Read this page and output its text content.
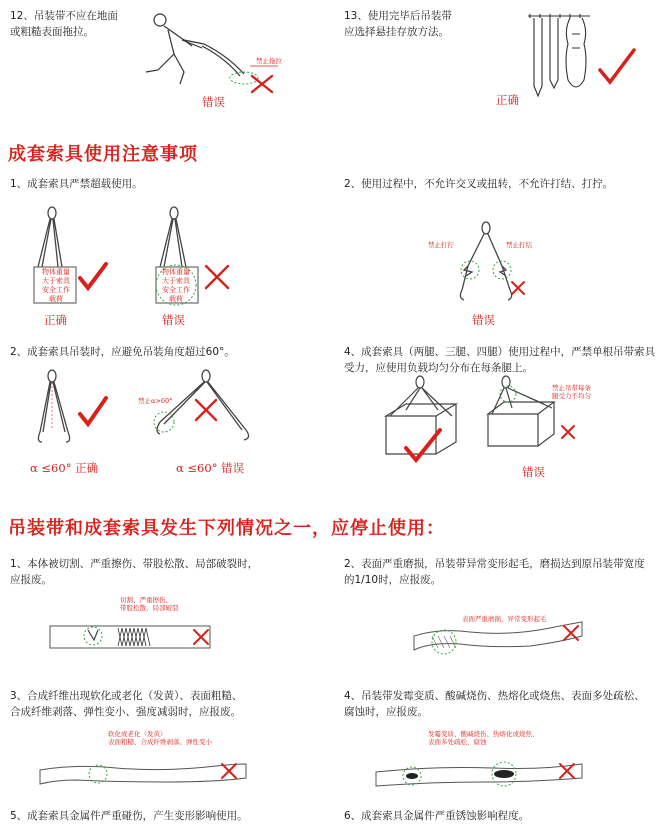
12、吊装带不应在地面
或粗糙表面拖拉。
禁止拖拉
错误
13、使用完毕后吊装带
应选择悬挂存放方法。
正确
成套索具使用注意事项
1、成套索具严禁超载使用。	2、使用过程中，不允许交叉或扭转，不允许打结、打拧。
物体重量
大于索具
安全工作
载荷
正确
物体重量
大于索具
安全工作
载荷
错误
禁止打拧	禁止打结
错误
2、成套索具吊装时，应避免吊装角度超过60°。
α ≤60° 正确
禁止α>60°
α ≤60° 错误
4、成套索具（两腿、三腿、四腿）使用过程中，严禁单根吊带索具
受力，应使用负载均匀分布在每条腿上。
禁止吊带每条
腿受力不均匀
错误
吊装带和成套索具发生下列情况之一，应停止使用：
1、本体被切割、严重擦伤、带股松散、局部破裂时，
应报废。
2、表面严重磨损，吊装带异常变形起毛，磨损达到原吊装带宽度
的1/10时，应报废。
切割、严重擦伤、
带股松散、局部破裂
表面严重磨损、异常变形起毛
3、合成纤维出现软化或老化（发黄）、表面粗糙、
合成纤维剥落、弹性变小、强度减弱时，应报废。
4、吊装带发霉变质、酸碱烧伤、热熔化或烧焦、表面多处疏松、
腐蚀时，应报废。
软化或老化（发黄）
表面粗糙、合成纤维剥落、弹性变小
发霉变质、酸碱烧伤、热熔化或烧焦、
表面多处疏松、腐蚀
5、成套索具金属件严重碰伤，产生变形影响使用。	6、成套索具金属件严重锈蚀影响程度。
